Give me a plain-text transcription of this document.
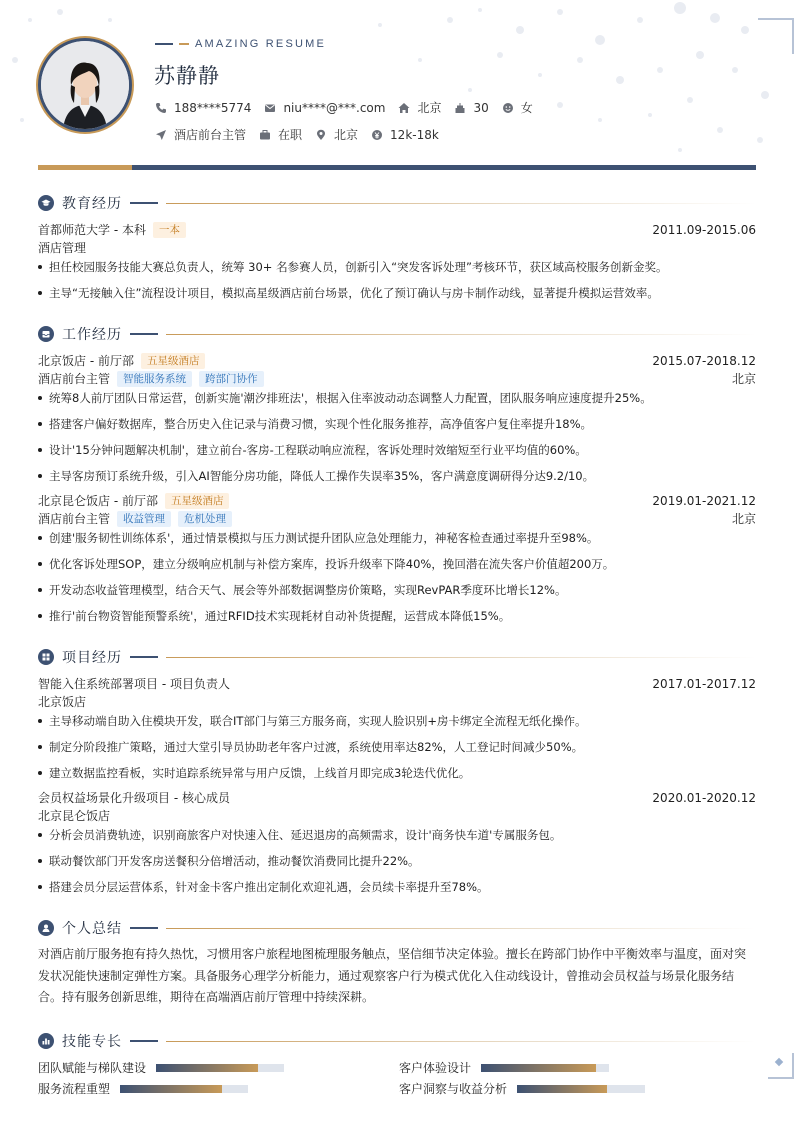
AMAZING RESUME
苏静静
188****5774	niu****@***.com	北京	30	女
酒店前台主管	在职	北京	12k-18k
教育经历
首都师范大学 - 本科	一本	2011.09-2015.06
酒店管理
担任校园服务技能大赛总负责人，统筹 30+ 名参赛人员，创新引入“突发客诉处理”考核环节，获区域高校服务创新金奖。
主导“无接触入住”流程设计项目，模拟高星级酒店前台场景，优化了预订确认与房卡制作动线，显著提升模拟运营效率。
工作经历
北京饭店 - 前厅部	五星级酒店	2015.07-2018.12
酒店前台主管	智能服务系统	跨部门协作	北京
统筹8人前厅团队日常运营，创新实施'潮汐排班法'，根据入住率波动动态调整人力配置，团队服务响应速度提升25%。
搭建客户偏好数据库，整合历史入住记录与消费习惯，实现个性化服务推荐，高净值客户复住率提升18%。
设计'15分钟问题解决机制'，建立前台-客房-工程联动响应流程，客诉处理时效缩短至行业平均值的60%。
主导客房预订系统升级，引入AI智能分房功能，降低人工操作失误率35%，客户满意度调研得分达9.2/10。
北京昆仑饭店 - 前厅部	五星级酒店	2019.01-2021.12
酒店前台主管	收益管理	危机处理	北京
创建'服务韧性训练体系'，通过情景模拟与压力测试提升团队应急处理能力，神秘客检查通过率提升至98%。
优化客诉处理SOP，建立分级响应机制与补偿方案库，投诉升级率下降40%，挽回潜在流失客户价值超200万。
开发动态收益管理模型，结合天气、展会等外部数据调整房价策略，实现RevPAR季度环比增长12%。
推行'前台物资智能预警系统'，通过RFID技术实现耗材自动补货提醒，运营成本降低15%。
项目经历
智能入住系统部署项目 - 项目负责人	2017.01-2017.12
北京饭店
主导移动端自助入住模块开发，联合IT部门与第三方服务商，实现人脸识别+房卡绑定全流程无纸化操作。
制定分阶段推广策略，通过大堂引导员协助老年客户过渡，系统使用率达82%，人工登记时间减少50%。
建立数据监控看板，实时追踪系统异常与用户反馈，上线首月即完成3轮迭代优化。
会员权益场景化升级项目 - 核心成员	2020.01-2020.12
北京昆仑饭店
分析会员消费轨迹，识别商旅客户对快速入住、延迟退房的高频需求，设计'商务快车道'专属服务包。
联动餐饮部门开发客房送餐积分倍增活动，推动餐饮消费同比提升22%。
搭建会员分层运营体系，针对金卡客户推出定制化欢迎礼遇，会员续卡率提升至78%。
个人总结
对酒店前厅服务抱有持久热忱，习惯用客户旅程地图梳理服务触点，坚信细节决定体验。擅长在跨部门协作中平衡效率与温度，面对突发状况能快速制定弹性方案。具备服务心理学分析能力，通过观察客户行为模式优化入住动线设计，曾推动会员权益与场景化服务结合。持有服务创新思维，期待在高端酒店前厅管理中持续深耕。
技能专长
团队赋能与梯队建设	客户体验设计
服务流程重塑	客户洞察与收益分析
